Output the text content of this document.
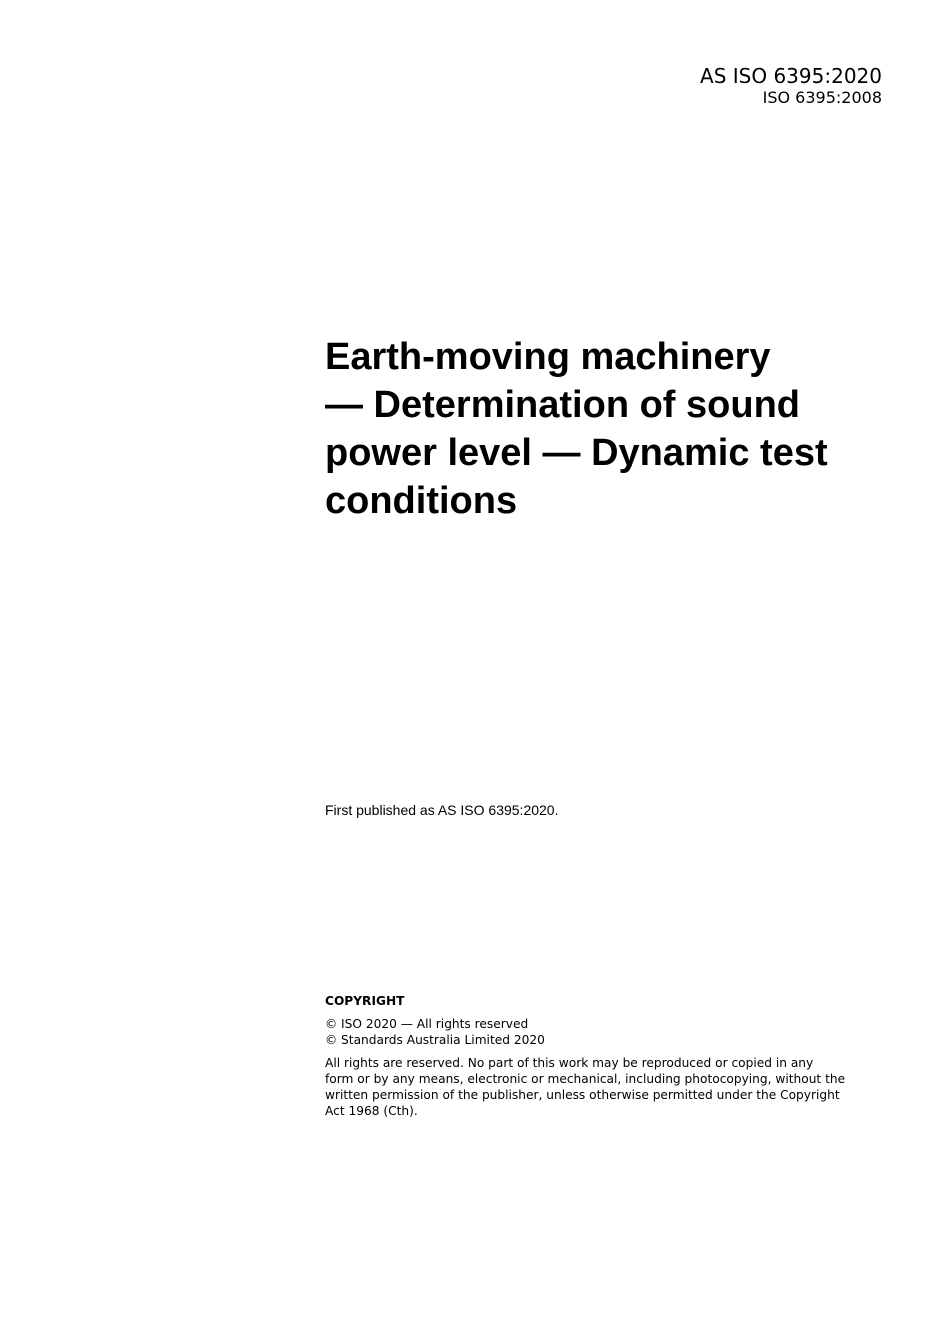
AS ISO 6395:2020
ISO 6395:2008
Earth-moving machinery
— Determination of sound
power level — Dynamic test
conditions

First published as AS ISO 6395:2020.

COPYRIGHT
© ISO 2020 — All rights reserved
© Standards Australia Limited 2020
All rights are reserved. No part of this work may be reproduced or copied in any
form or by any means, electronic or mechanical, including photocopying, without the
written permission of the publisher, unless otherwise permitted under the Copyright
Act 1968 (Cth).
